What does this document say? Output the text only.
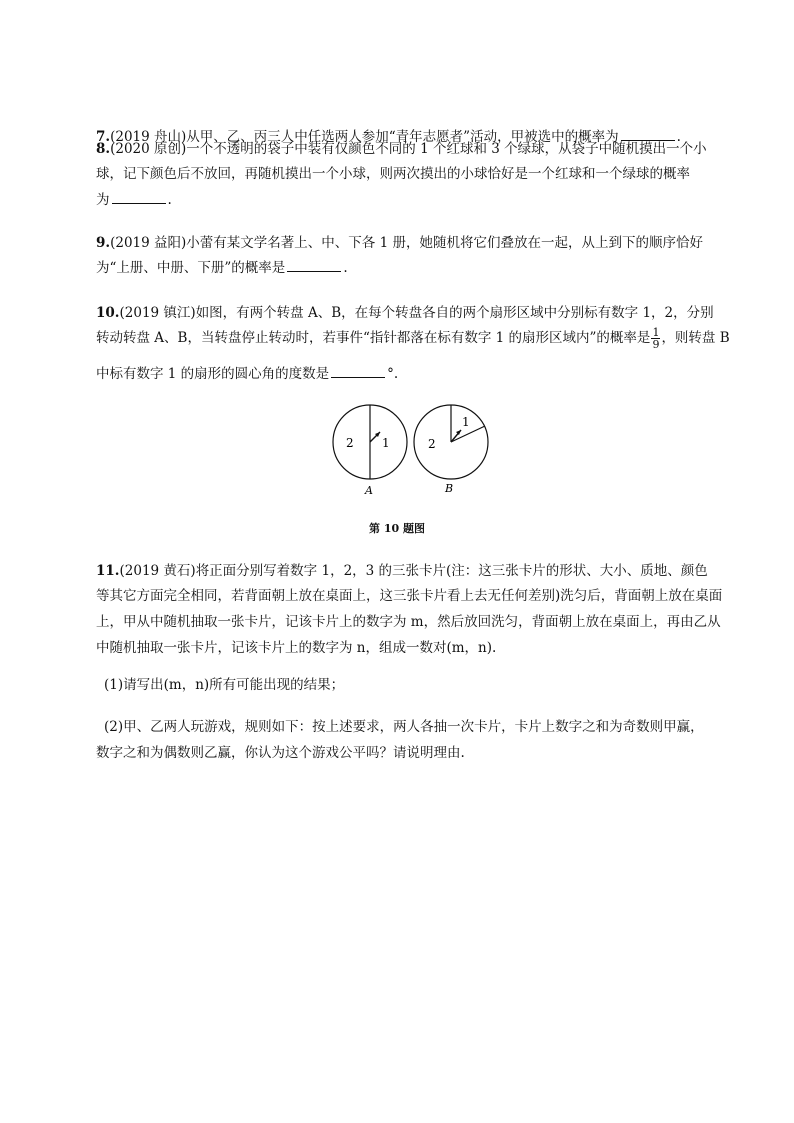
7.(2019 舟山)从甲、乙、丙三人中任选两人参加“青年志愿者”活动，甲被选中的概率为	.

8.(2020 原创)一个不透明的袋子中装有仅颜色不同的 1 个红球和 3 个绿球，从袋子中随机摸出一个小
球，记下颜色后不放回，再随机摸出一个小球，则两次摸出的小球恰好是一个红球和一个绿球的概率
为	.
9.(2019 益阳)小蕾有某文学名著上、中、下各 1 册，她随机将它们叠放在一起，从上到下的顺序恰好
为“上册、中册、下册”的概率是	.
10.(2019 镇江)如图，有两个转盘 A、B，在每个转盘各自的两个扇形区域中分别标有数字 1，2，分别
转动转盘 A、B，当转盘停止转动时，若事件“指针都落在标有数字 1 的扇形区域内”的概率是 $\frac{1}{9}$ ，则转盘 B
中标有数字 1 的扇形的圆心角的度数是	°.
2 1
A
2
1
B
第 10 题图
11.(2019 黄石)将正面分别写着数字 1，2，3 的三张卡片(注：这三张卡片的形状、大小、质地、颜色
等其它方面完全相同，若背面朝上放在桌面上，这三张卡片看上去无任何差别)洗匀后，背面朝上放在桌面
上，甲从中随机抽取一张卡片，记该卡片上的数字为 m，然后放回洗匀，背面朝上放在桌面上，再由乙从
中随机抽取一张卡片，记该卡片上的数字为 n，组成一数对(m，n).
(1)请写出(m，n)所有可能出现的结果；
(2)甲、乙两人玩游戏，规则如下：按上述要求，两人各抽一次卡片，卡片上数字之和为奇数则甲赢，
数字之和为偶数则乙赢，你认为这个游戏公平吗？请说明理由.
